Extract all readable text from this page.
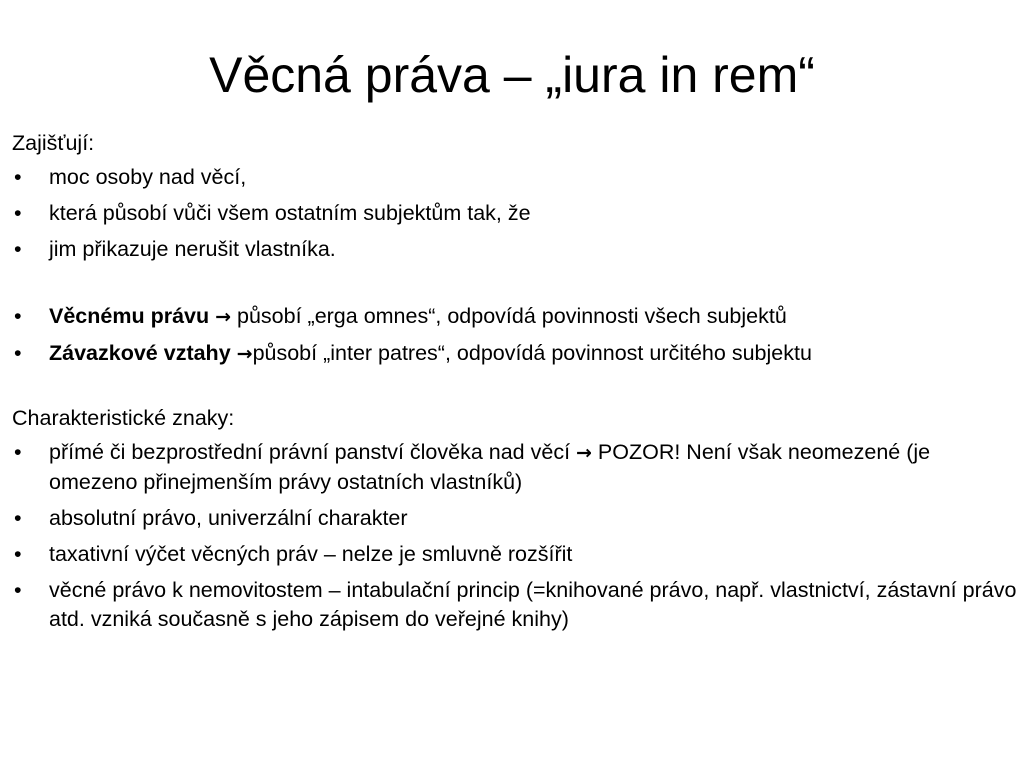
Věcná práva – „iura in rem“

Zajišťují:

• moc osoby nad věcí,

• která působí vůči všem ostatním subjektům tak, že

• jim přikazuje nerušit vlastníka.

• Věcnému právu → působí „erga omnes“, odpovídá povinnosti všech subjektů

• Závazkové vztahy →působí „inter patres“, odpovídá povinnost určitého subjektu

Charakteristické znaky:

• přímé či bezprostřední právní panství člověka nad věcí → POZOR! Není však neomezené (je omezeno přinejmenším právy ostatních vlastníků)

• absolutní právo, univerzální charakter

• taxativní výčet věcných práv – nelze je smluvně rozšířit

• věcné právo k nemovitostem – intabulační princip (=knihované právo, např. vlastnictví, zástavní právo atd. vzniká současně s jeho zápisem do veřejné knihy)
